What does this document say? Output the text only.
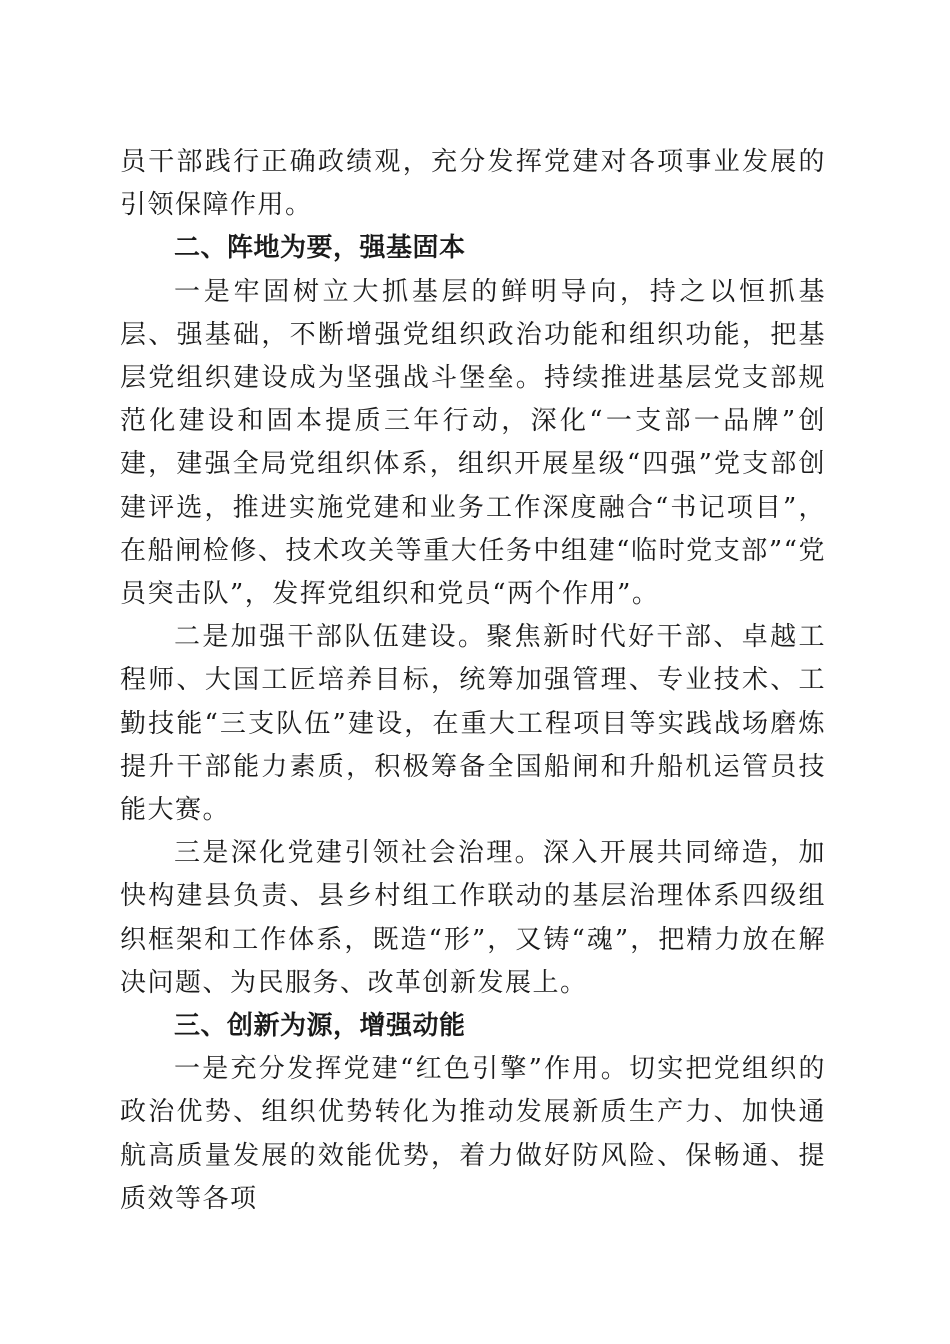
员干部践行正确政绩观，充分发挥党建对各项事业发展的引领保障作用。

二、阵地为要，强基固本

一是牢固树立大抓基层的鲜明导向，持之以恒抓基层、强基础，不断增强党组织政治功能和组织功能，把基层党组织建设成为坚强战斗堡垒。持续推进基层党支部规范化建设和固本提质三年行动，深化“一支部一品牌”创建，建强全局党组织体系，组织开展星级“四强”党支部创建评选，推进实施党建和业务工作深度融合“书记项目”，在船闸检修、技术攻关等重大任务中组建“临时党支部”“党员突击队”，发挥党组织和党员“两个作用”。

二是加强干部队伍建设。聚焦新时代好干部、卓越工程师、大国工匠培养目标，统筹加强管理、专业技术、工勤技能“三支队伍”建设，在重大工程项目等实践战场磨炼提升干部能力素质，积极筹备全国船闸和升船机运管员技能大赛。

三是深化党建引领社会治理。深入开展共同缔造，加快构建县负责、县乡村组工作联动的基层治理体系四级组织框架和工作体系，既造“形”，又铸“魂”，把精力放在解决问题、为民服务、改革创新发展上。

三、创新为源，增强动能

一是充分发挥党建“红色引擎”作用。切实把党组织的政治优势、组织优势转化为推动发展新质生产力、加快通航高质量发展的效能优势，着力做好防风险、保畅通、提质效等各项
